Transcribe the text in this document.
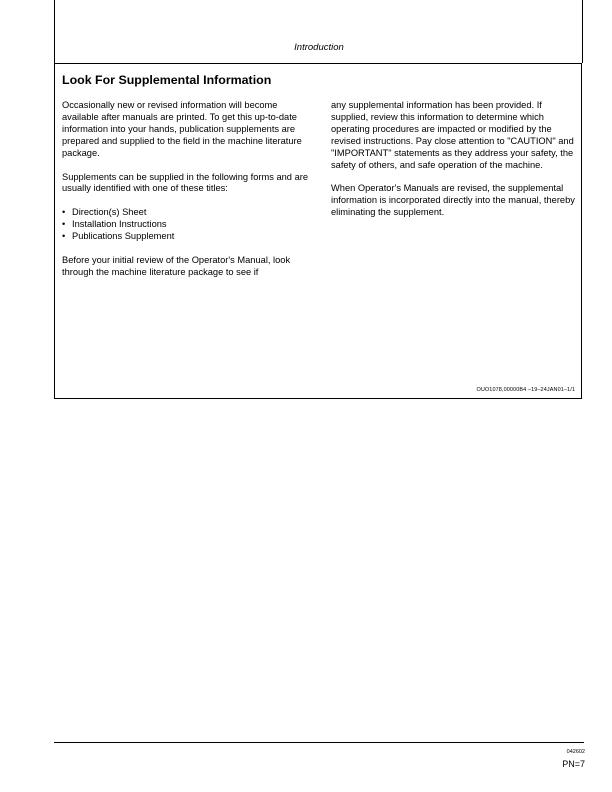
Introduction
Look For Supplemental Information

Occasionally new or revised information will become available after manuals are printed. To get this up-to-date information into your hands, publication supplements are prepared and supplied to the field in the machine literature package.

Supplements can be supplied in the following forms and are usually identified with one of these titles:

• Direction(s) Sheet
• Installation Instructions
• Publications Supplement

Before your initial review of the Operator's Manual, look through the machine literature package to see if

any supplemental information has been provided. If supplied, review this information to determine which operating procedures are impacted or modified by the revised instructions. Pay close attention to "CAUTION" and "IMPORTANT" statements as they address your safety, the safety of others, and safe operation of the machine.

When Operator's Manuals are revised, the supplemental information is incorporated directly into the manual, thereby eliminating the supplement.

OUO1078,00000B4 –19–24JAN01–1/1
042602
PN=7
